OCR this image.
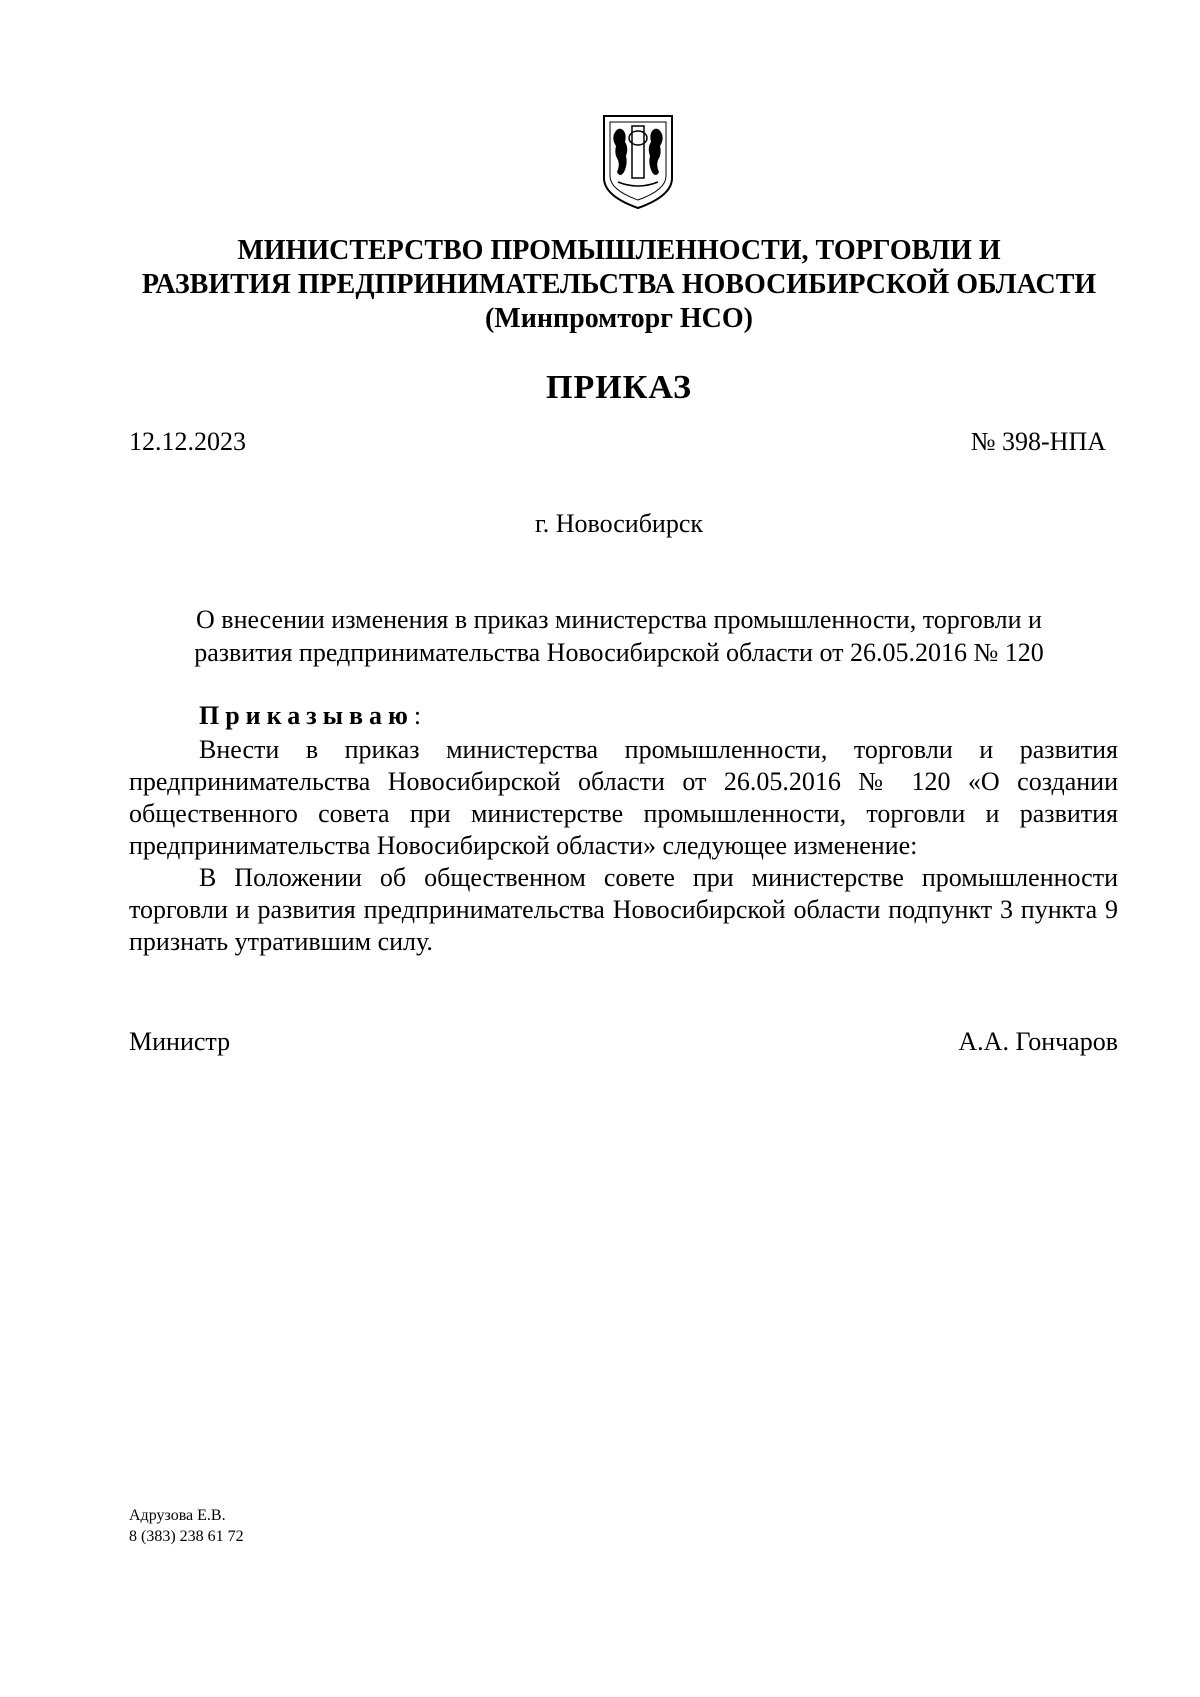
МИНИСТЕРСТВО ПРОМЫШЛЕННОСТИ, ТОРГОВЛИ И
РАЗВИТИЯ ПРЕДПРИНИМАТЕЛЬСТВА НОВОСИБИРСКОЙ ОБЛАСТИ
(Минпромторг НСО)
ПРИКАЗ
12.12.2023	№ 398-НПА
г. Новосибирск
О внесении изменения в приказ министерства промышленности, торговли и
развития предпринимательства Новосибирской области от 26.05.2016 № 120
Приказываю:

Внести в приказ министерства промышленности, торговли и развития предпринимательства Новосибирской области от 26.05.2016 № 120 «О создании общественного совета при министерстве промышленности, торговли и развития предпринимательства Новосибирской области» следующее изменение:

В Положении об общественном совете при министерстве промышленности торговли и развития предпринимательства Новосибирской области подпункт 3 пункта 9 признать утратившим силу.

Министр	А.А. Гончаров
Адрузова Е.В.
8 (383) 238 61 72
